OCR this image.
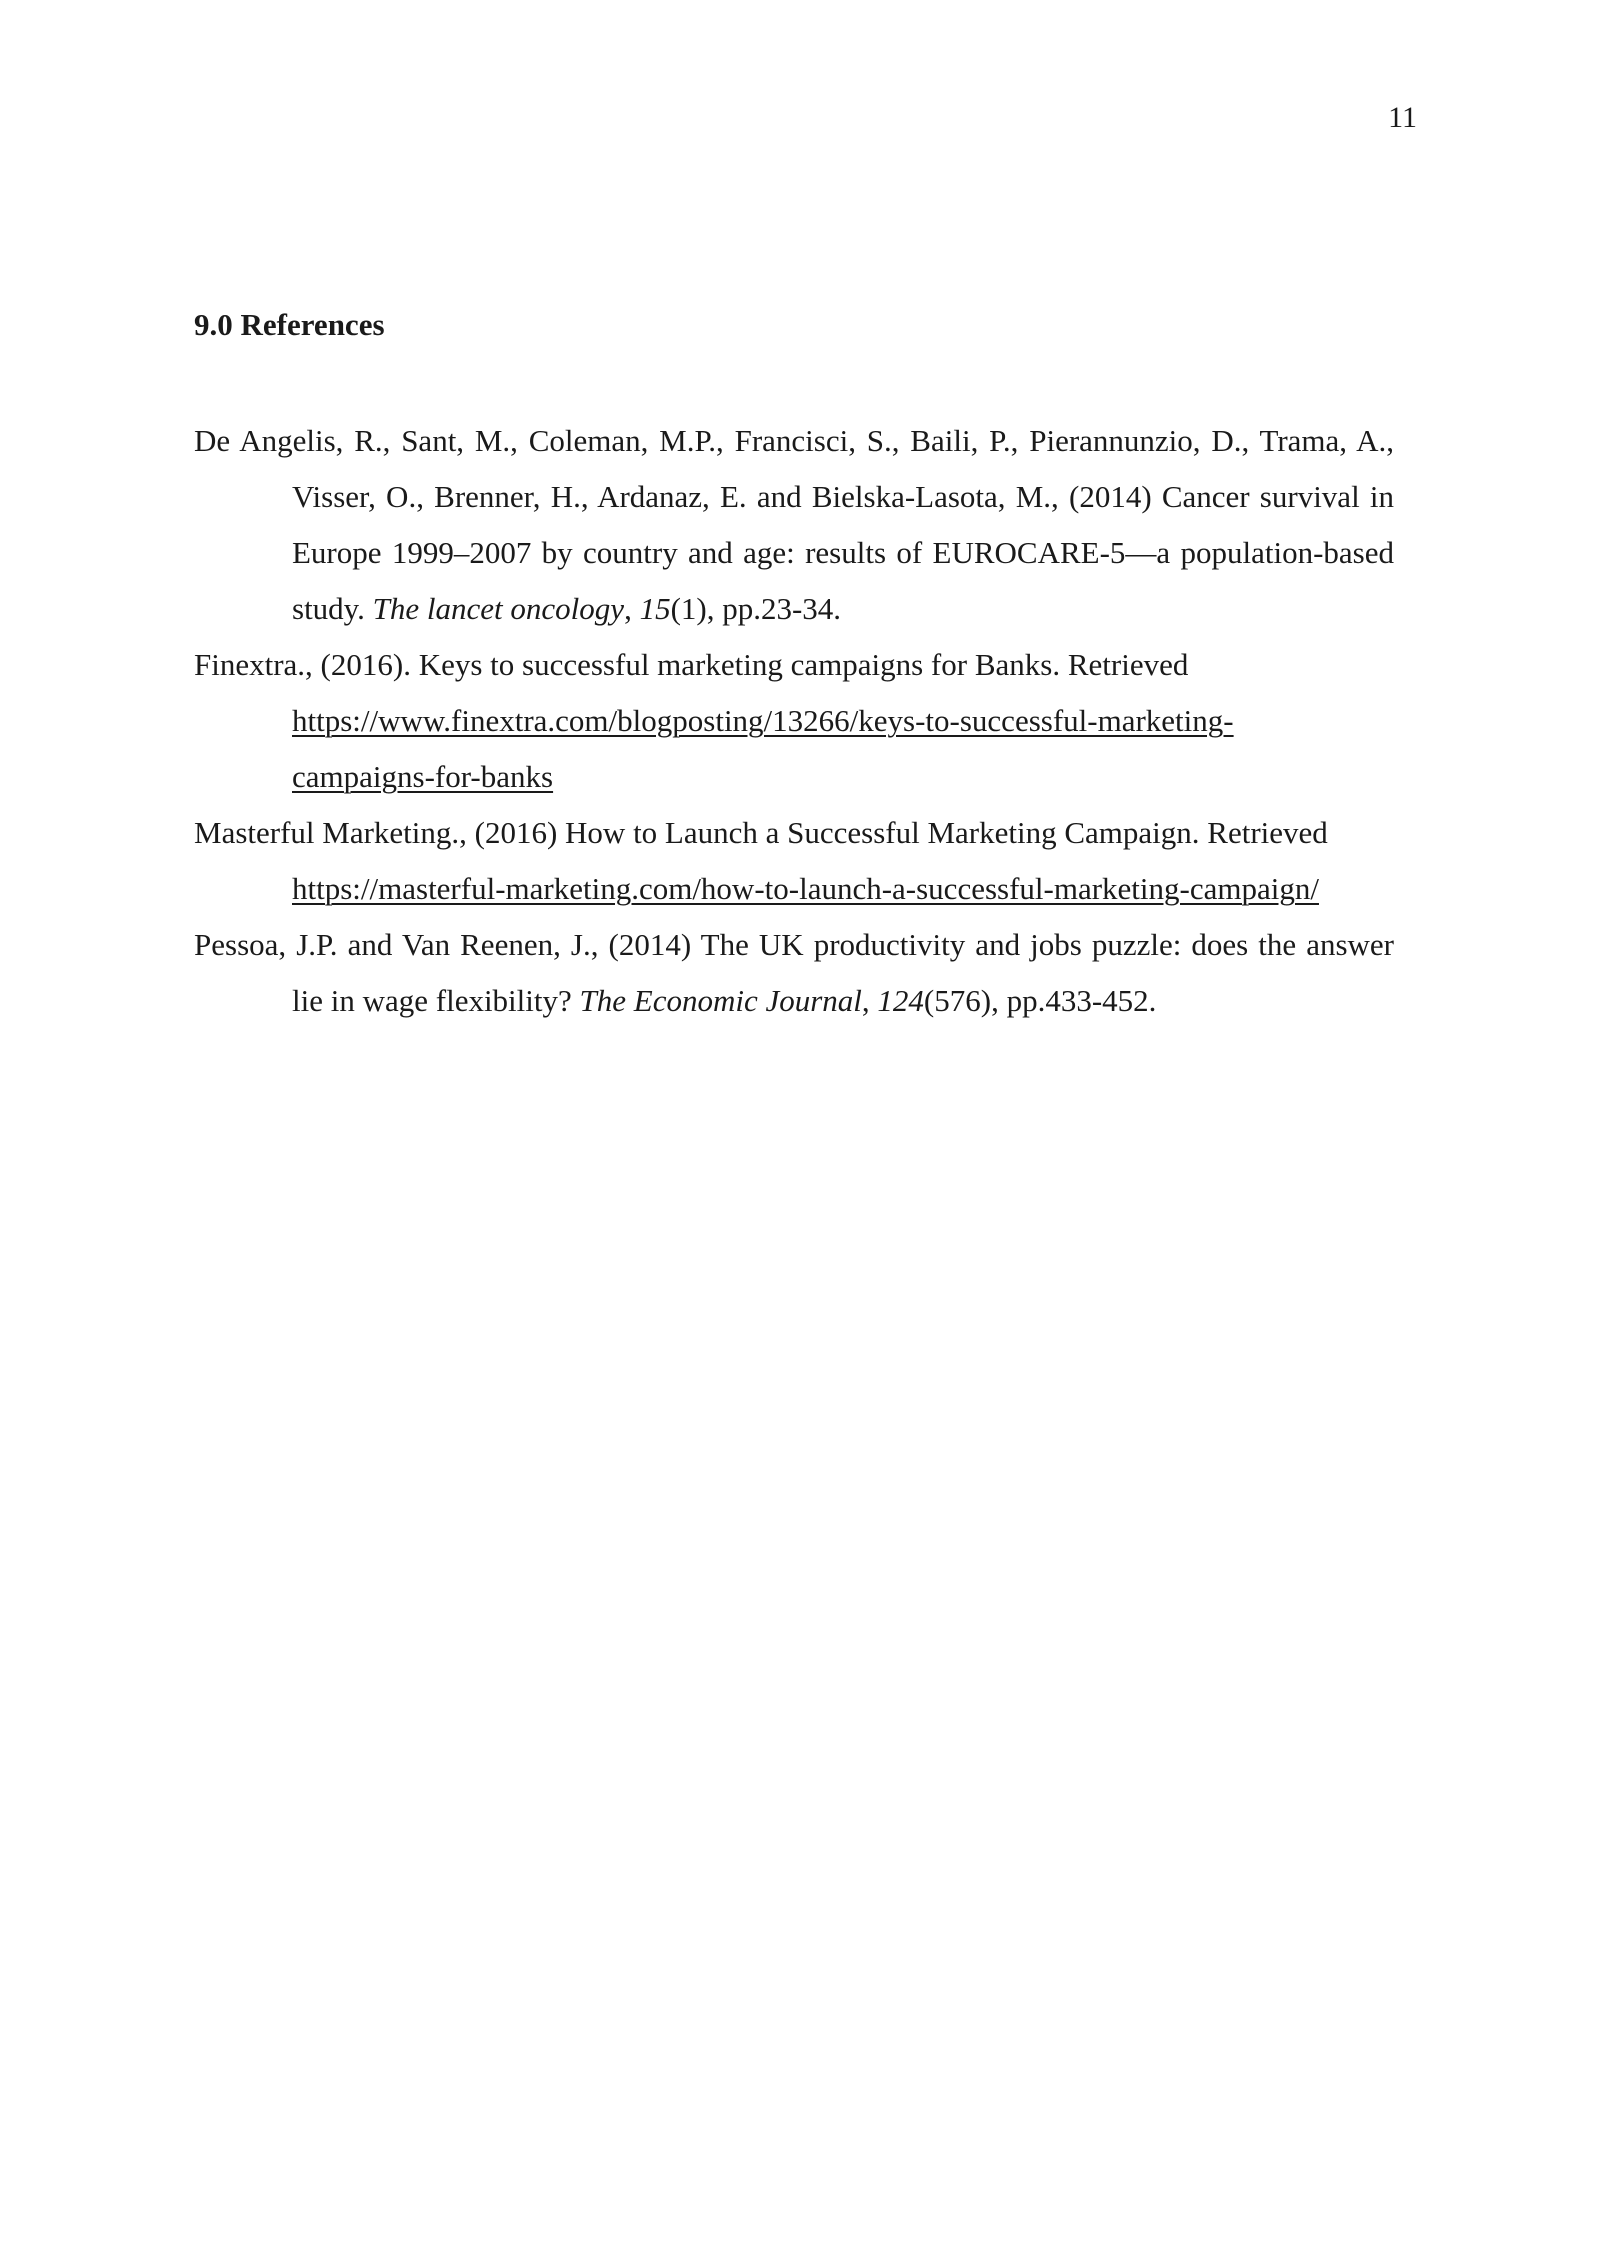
11
9.0 References
De Angelis, R., Sant, M., Coleman, M.P., Francisci, S., Baili, P., Pierannunzio, D., Trama, A., Visser, O., Brenner, H., Ardanaz, E. and Bielska-Lasota, M., (2014) Cancer survival in Europe 1999–2007 by country and age: results of EUROCARE-5—a population-based study. The lancet oncology, 15(1), pp.23-34.
Finextra., (2016). Keys to successful marketing campaigns for Banks. Retrieved
https://www.finextra.com/blogposting/13266/keys-to-successful-marketing-
campaigns-for-banks
Masterful Marketing., (2016) How to Launch a Successful Marketing Campaign. Retrieved
https://masterful-marketing.com/how-to-launch-a-successful-marketing-campaign/
Pessoa, J.P. and Van Reenen, J., (2014) The UK productivity and jobs puzzle: does the answer lie in wage flexibility? The Economic Journal, 124(576), pp.433-452.
